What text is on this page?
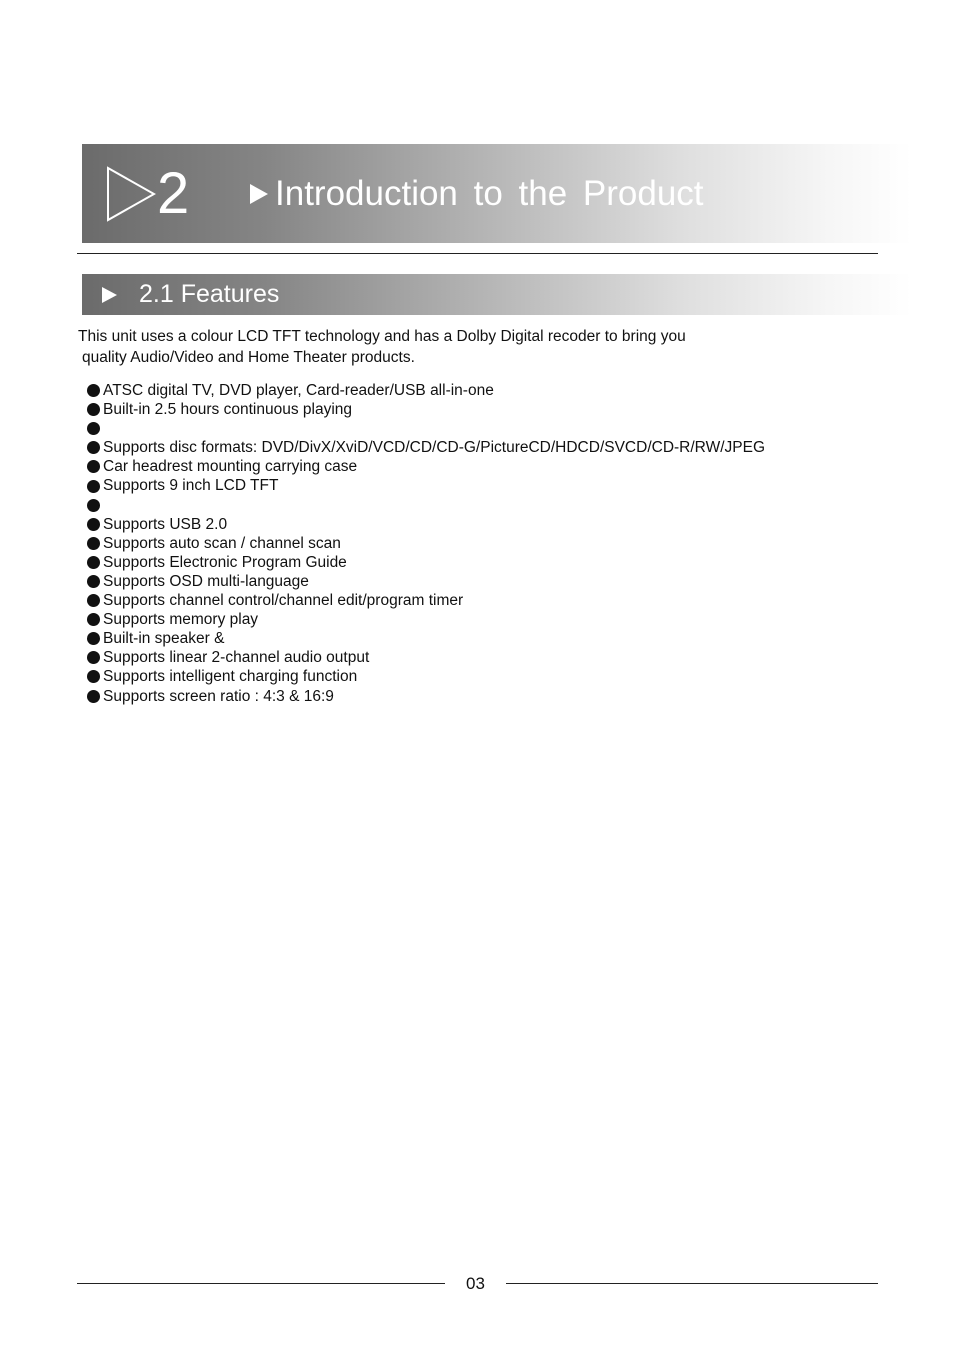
2 Introduction to the Product
2.1 Features
This unit uses a colour LCD TFT technology and has a Dolby Digital recoder to bring you
quality Audio/Video and Home Theater products.
ATSC digital TV, DVD player, Card-reader/USB all-in-one
Built-in 2.5 hours continuous playing
Supports disc formats: DVD/DivX/XviD/VCD/CD/CD-G/PictureCD/HDCD/SVCD/CD-R/RW/JPEG
Car headrest mounting carrying case
Supports 9 inch LCD TFT
Supports USB 2.0
Supports auto scan / channel scan
Supports Electronic Program Guide
Supports OSD multi-language
Supports channel control/channel edit/program timer
Supports memory play
Built-in speaker &
Supports linear 2-channel audio output
Supports intelligent charging function
Supports screen ratio : 4:3 & 16:9
03
